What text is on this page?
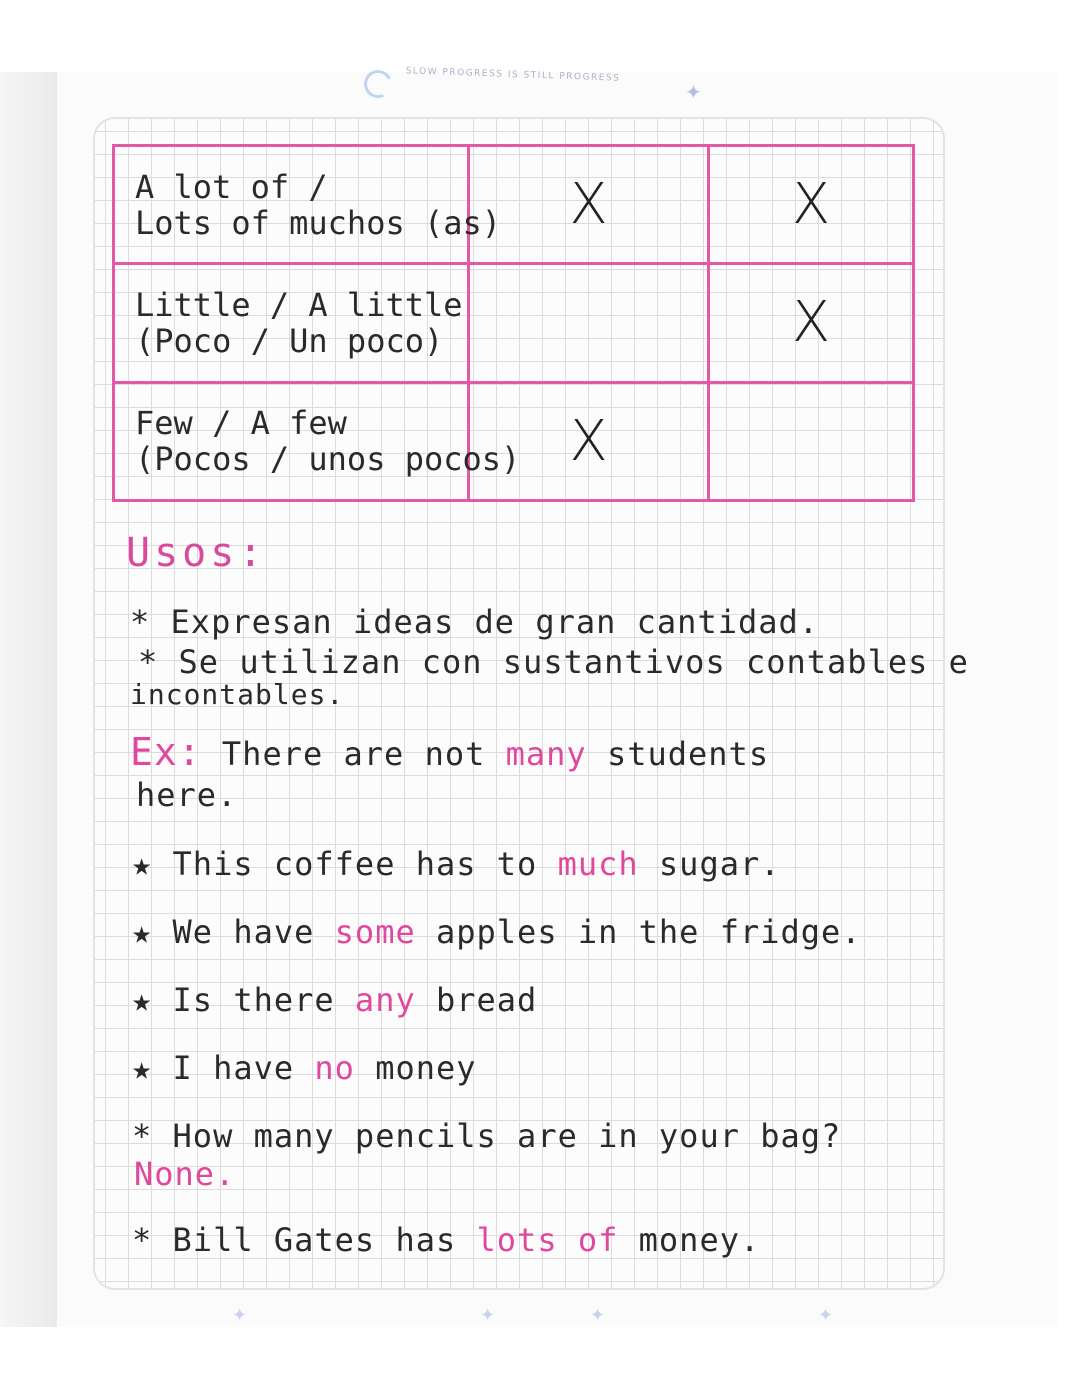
SLOW PROGRESS IS STILL PROGRESS
✦
A lot of /
Lots of muchos (as)	X	X

Little / A little
(Poco / Un poco)		X

Few / A few
(Pocos / unos pocos)	X	

Usos:
* Expresan ideas de gran cantidad.
* Se utilizan con sustantivos contables e
incontables.
Ex: There are not many students
here.
★ This coffee has to much sugar.
★ We have some apples in the fridge.
★ Is there any bread
★ I have no money
* How many pencils are in your bag?
None.
* Bill Gates has lots of money.
✦	✦	✦	✦
